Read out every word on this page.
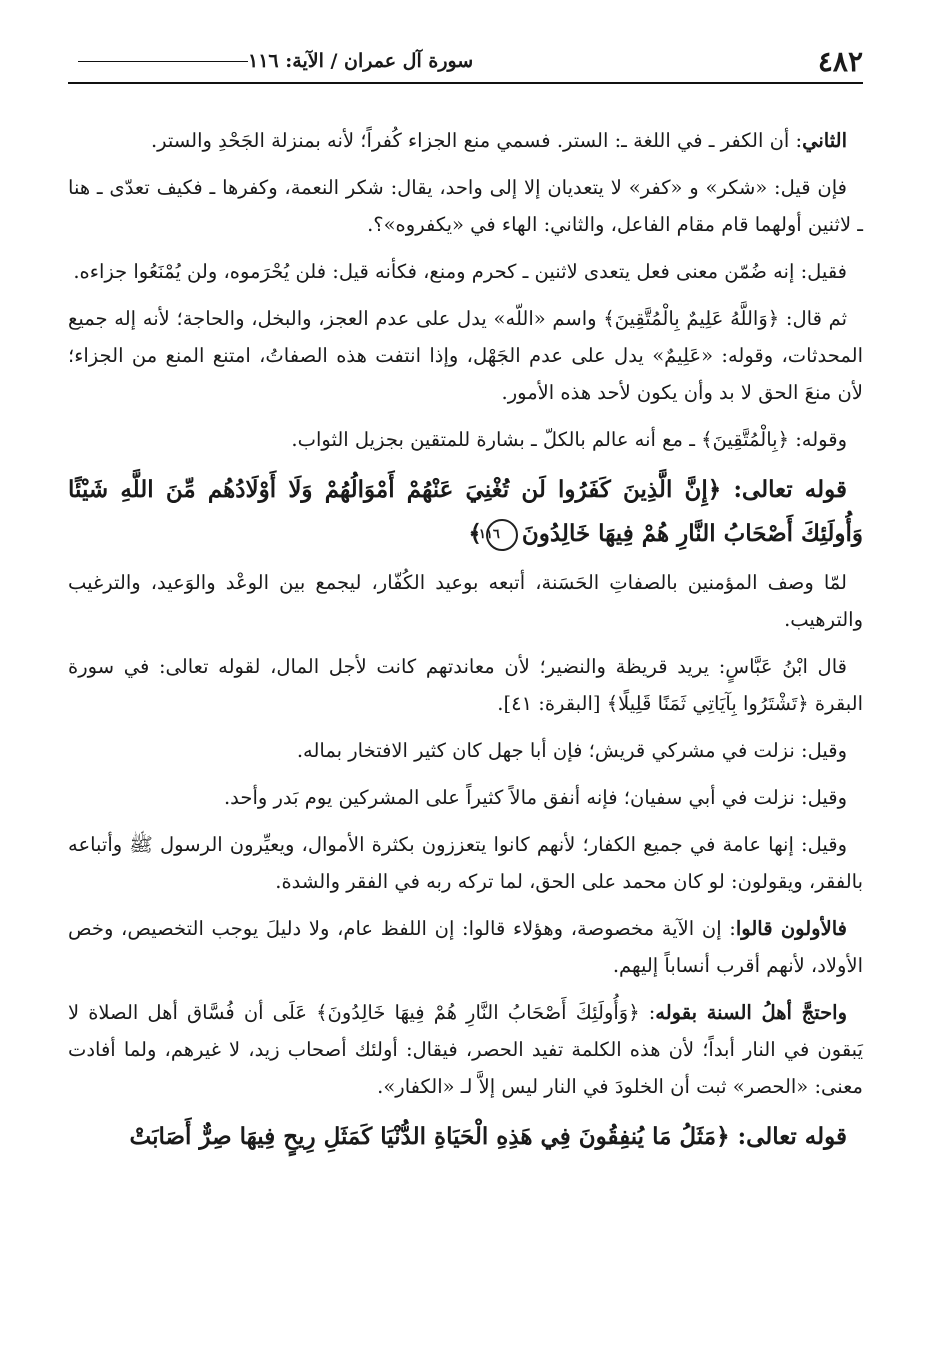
٤٨٢
سورة آل عمران / الآية: ١١٦

الثاني: أن الكفر ـ في اللغة ـ: الستر. فسمي منع الجزاء كُفراً؛ لأنه بمنزلة الجَحْدِ والستر.

فإن قيل: «شكر» و «كفر» لا يتعديان إلا إلى واحد، يقال: شكر النعمة، وكفرها ـ فكيف تعدّى ـ هنا ـ لاثنين أولهما قام مقام الفاعل، والثاني: الهاء في «يكفروه»؟.

فقيل: إنه ضُمّن معنى فعل يتعدى لاثنين ـ كحرم ومنع، فكأنه قيل: فلن يُحْرَموه، ولن يُمْنَعُوا جزاءه.

ثم قال: ﴿وَاللَّهُ عَلِيمٌ بِالْمُتَّقِينَ﴾ واسم «اللّه» يدل على عدم العجز، والبخل، والحاجة؛ لأنه إله جميع المحدثات، وقوله: «عَلِيمٌ» يدل على عدم الجَهْل، وإذا انتفت هذه الصفاتُ، امتنع المنع من الجزاء؛ لأن منعَ الحق لا بد وأن يكون لأحد هذه الأمور.

وقوله: ﴿بِالْمُتَّقِينَ﴾ ـ مع أنه عالم بالكلّ ـ بشارة للمتقين بجزيل الثواب.

قوله تعالى: ﴿إِنَّ الَّذِينَ كَفَرُوا لَن تُغْنِيَ عَنْهُمْ أَمْوَالُهُمْ وَلَا أَوْلَادُهُم مِّنَ اللَّهِ شَيْئًا وَأُولَئِكَ أَصْحَابُ النَّارِ هُمْ فِيهَا خَالِدُونَ١١٦﴾

لمّا وصف المؤمنين بالصفاتِ الحَسَنة، أتبعه بوعيد الكُفّار، ليجمع بين الوعْد والوَعيد، والترغيب والترهيب.

قال ابْنُ عَبَّاسٍ: يريد قريظة والنضير؛ لأن معاندتهم كانت لأجل المال، لقوله تعالى: في سورة البقرة ﴿تَشْتَرُوا بِآيَاتِي ثَمَنًا قَلِيلًا﴾ [البقرة: ٤١].

وقيل: نزلت في مشركي قريش؛ فإن أبا جهل كان كثير الافتخار بماله.

وقيل: نزلت في أبي سفيان؛ فإنه أنفق مالاً كثيراً على المشركين يوم بَدر وأحد.

وقيل: إنها عامة في جميع الكفار؛ لأنهم كانوا يتعززون بكثرة الأموال، ويعيِّرون الرسول ﷺ وأتباعه بالفقر، ويقولون: لو كان محمد على الحق، لما تركه ربه في الفقر والشدة.

فالأولون قالوا: إن الآية مخصوصة، وهؤلاء قالوا: إن اللفظ عام، ولا دليلَ يوجب التخصيص، وخص الأولاد، لأنهم أقرب أنساباً إليهم.

واحتجَّ أهلُ السنة بقوله: ﴿وَأُولَئِكَ أَصْحَابُ النَّارِ هُمْ فِيهَا خَالِدُونَ﴾ عَلَى أن فُسَّاق أهل الصلاة لا يَبقون في النار أبداً؛ لأن هذه الكلمة تفيد الحصر، فيقال: أولئك أصحاب زيد، لا غيرهم، ولما أفادت معنى: «الحصر» ثبت أن الخلودَ في النار ليس إلاَّ لـ «الكفار».

قوله تعالى: ﴿مَثَلُ مَا يُنفِقُونَ فِي هَذِهِ الْحَيَاةِ الدُّنْيَا كَمَثَلِ رِيحٍ فِيهَا صِرٌّ أَصَابَتْ
